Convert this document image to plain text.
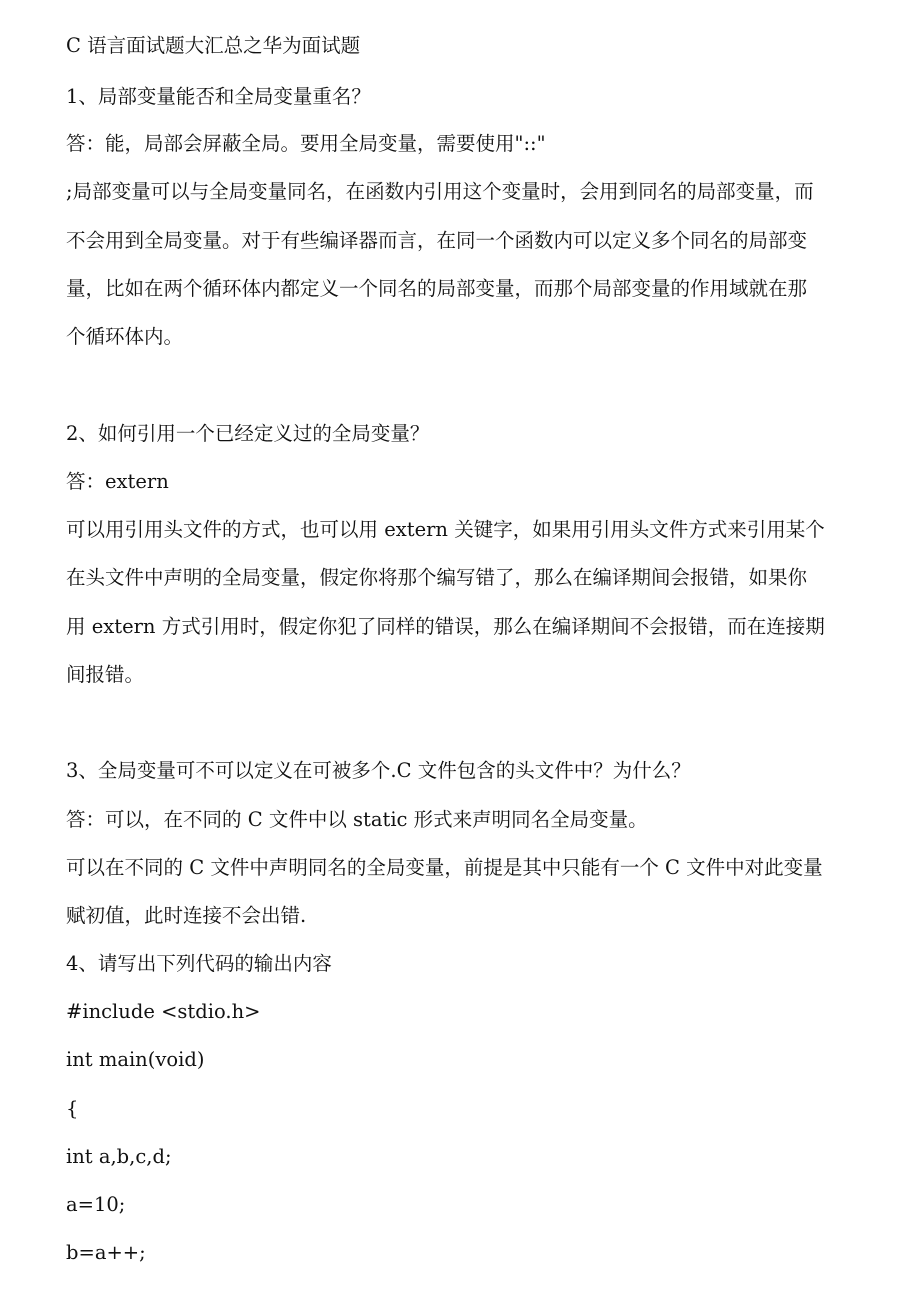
C 语言面试题大汇总之华为面试题
1、局部变量能否和全局变量重名？
答：能，局部会屏蔽全局。要用全局变量，需要使用"::"
;局部变量可以与全局变量同名，在函数内引用这个变量时，会用到同名的局部变量，而
不会用到全局变量。对于有些编译器而言，在同一个函数内可以定义多个同名的局部变
量，比如在两个循环体内都定义一个同名的局部变量，而那个局部变量的作用域就在那
个循环体内。
2、如何引用一个已经定义过的全局变量？
答：extern
可以用引用头文件的方式，也可以用 extern 关键字，如果用引用头文件方式来引用某个
在头文件中声明的全局变量，假定你将那个编写错了，那么在编译期间会报错，如果你
用 extern 方式引用时，假定你犯了同样的错误，那么在编译期间不会报错，而在连接期
间报错。
3、全局变量可不可以定义在可被多个.C 文件包含的头文件中？为什么？
答：可以，在不同的 C 文件中以 static 形式来声明同名全局变量。
可以在不同的 C 文件中声明同名的全局变量，前提是其中只能有一个 C 文件中对此变量
赋初值，此时连接不会出错.
4、请写出下列代码的输出内容
#include <stdio.h>
int main(void)
{
int a,b,c,d;
a=10;
b=a++;
